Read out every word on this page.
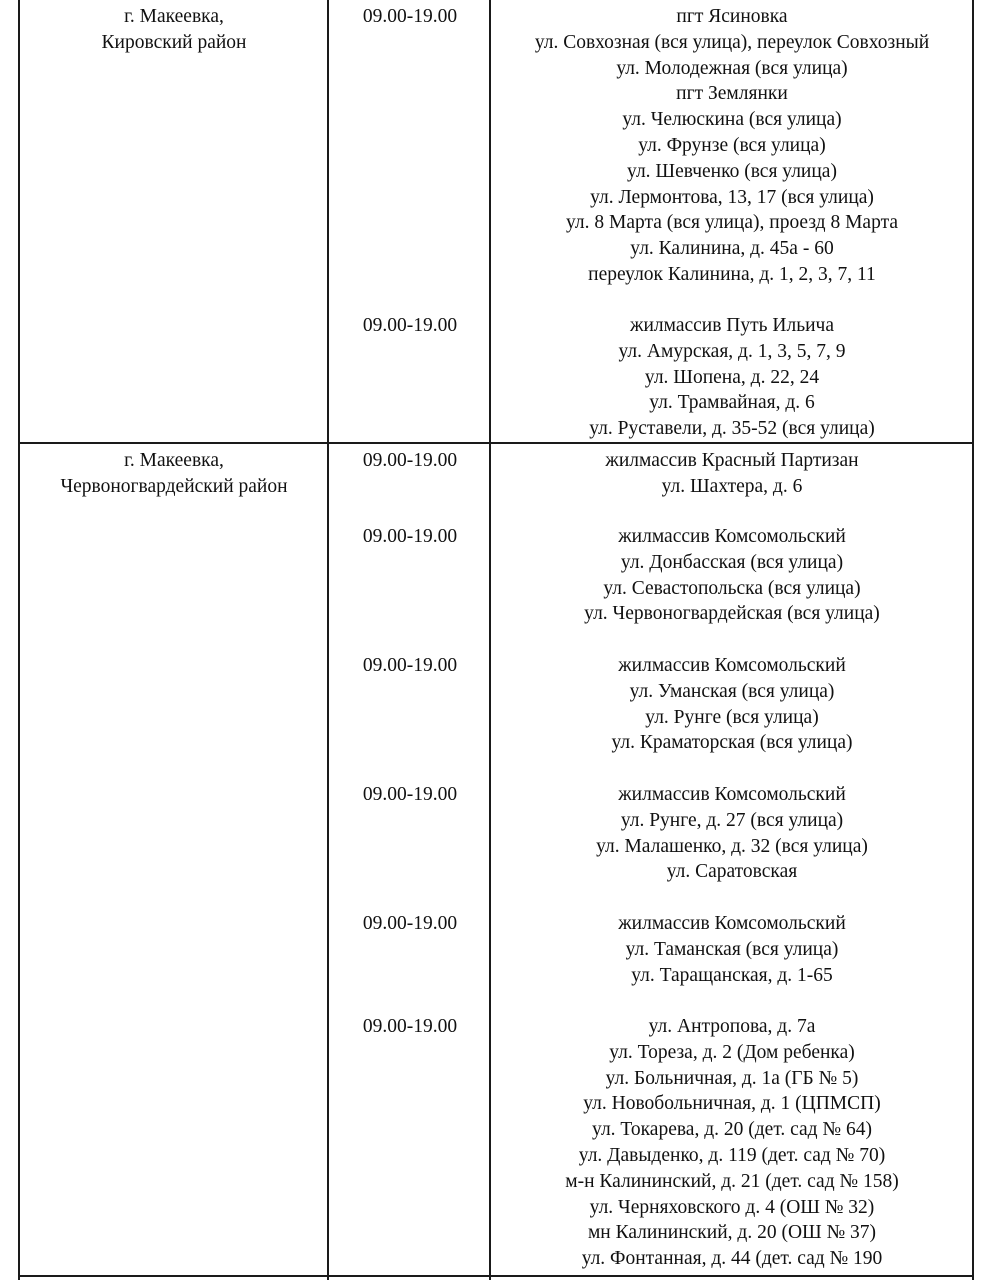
г. Макеевка,
Кировский район
09.00-19.00	пгт Ясиновка
ул. Совхозная (вся улица), переулок Совхозный
ул. Молодежная (вся улица)
пгт Землянки
ул. Челюскина (вся улица)
ул. Фрунзе (вся улица)
ул. Шевченко (вся улица)
ул. Лермонтова, 13, 17 (вся улица)
ул. 8 Марта (вся улица), проезд 8 Марта
ул. Калинина, д. 45а - 60
переулок Калинина, д. 1, 2, 3, 7, 11
09.00-19.00	жилмассив Путь Ильича
ул. Амурская, д. 1, 3, 5, 7, 9
ул. Шопена, д. 22, 24
ул. Трамвайная, д. 6
ул. Руставели, д. 35-52 (вся улица)
г. Макеевка,
Червоногвардейский район
09.00-19.00	жилмассив Красный Партизан
ул. Шахтера, д. 6
09.00-19.00	жилмассив Комсомольский
ул. Донбасская (вся улица)
ул. Севастопольска (вся улица)
ул. Червоногвардейская (вся улица)
09.00-19.00	жилмассив Комсомольский
ул. Уманская (вся улица)
ул. Рунге (вся улица)
ул. Краматорская (вся улица)
09.00-19.00	жилмассив Комсомольский
ул. Рунге, д. 27 (вся улица)
ул. Малашенко, д. 32 (вся улица)
ул. Саратовская
09.00-19.00	жилмассив Комсомольский
ул. Таманская (вся улица)
ул. Таращанская, д. 1-65
09.00-19.00	ул. Антропова, д. 7а
ул. Тореза, д. 2 (Дом ребенка)
ул. Больничная, д. 1а (ГБ № 5)
ул. Новобольничная, д. 1 (ЦПМСП)
ул. Токарева, д. 20 (дет. сад № 64)
ул. Давыденко, д. 119 (дет. сад № 70)
м-н Калининский, д. 21 (дет. сад № 158)
ул. Черняховского д. 4 (ОШ № 32)
мн Калининский, д. 20 (ОШ № 37)
ул. Фонтанная, д. 44 (дет. сад № 190
